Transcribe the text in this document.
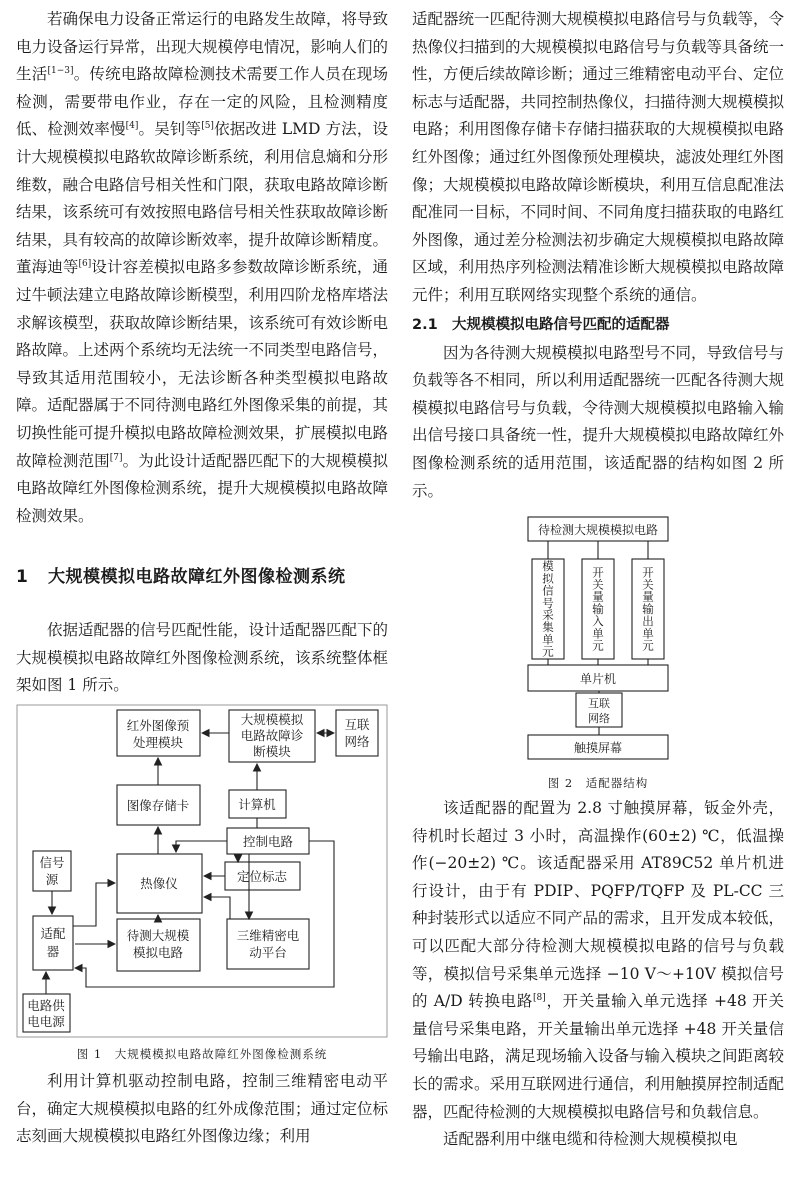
若确保电力设备正常运行的电路发生故障，将导致电力设备运行异常，出现大规模停电情况，影响人们的生活[1−3]。传统电路故障检测技术需要工作人员在现场检测，需要带电作业，存在一定的风险，且检测精度低、检测效率慢[4]。吴钊等[5]依据改进 LMD 方法，设计大规模模拟电路软故障诊断系统，利用信息熵和分形维数，融合电路信号相关性和门限，获取电路故障诊断结果，该系统可有效按照电路信号相关性获取故障诊断结果，具有较高的故障诊断效率，提升故障诊断精度。董海迪等[6]设计容差模拟电路多参数故障诊断系统，通过牛顿法建立电路故障诊断模型，利用四阶龙格库塔法求解该模型，获取故障诊断结果，该系统可有效诊断电路故障。上述两个系统均无法统一不同类型电路信号，导致其适用范围较小，无法诊断各种类型模拟电路故障。适配器属于不同待测电路红外图像采集的前提，其切换性能可提升模拟电路故障检测效果，扩展模拟电路故障检测范围[7]。为此设计适配器匹配下的大规模模拟电路故障红外图像检测系统，提升大规模模拟电路故障检测效果。

1 大规模模拟电路故障红外图像检测系统

依据适配器的信号匹配性能，设计适配器匹配下的大规模模拟电路故障红外图像检测系统，该系统整体框架如图 1 所示。

红外图像预
处理模块
大规模模拟
电路故障诊
断模块
互联
网络
图像存储卡	计算机
控制电路
信号
源	热像仪	定位标志
适配
器
待测大规模
模拟电路
三维精密电
动平台
电路供
电电源
图 1　大规模模拟电路故障红外图像检测系统

利用计算机驱动控制电路，控制三维精密电动平台，确定大规模模拟电路的红外成像范围；通过定位标志刻画大规模模拟电路红外图像边缘；利用

适配器统一匹配待测大规模模拟电路信号与负载等，令热像仪扫描到的大规模模拟电路信号与负载等具备统一性，方便后续故障诊断；通过三维精密电动平台、定位标志与适配器，共同控制热像仪，扫描待测大规模模拟电路；利用图像存储卡存储扫描获取的大规模模拟电路红外图像；通过红外图像预处理模块，滤波处理红外图像；大规模模拟电路故障诊断模块，利用互信息配准法配准同一目标，不同时间、不同角度扫描获取的电路红外图像，通过差分检测法初步确定大规模模拟电路故障区域，利用热序列检测法精准诊断大规模模拟电路故障元件；利用互联网络实现整个系统的通信。

2.1 大规模模拟电路信号匹配的适配器

因为各待测大规模模拟电路型号不同，导致信号与负载等各不相同，所以利用适配器统一匹配各待测大规模模拟电路信号与负载，令待测大规模模拟电路输入输出信号接口具备统一性，提升大规模模拟电路故障红外图像检测系统的适用范围，该适配器的结构如图 2 所示。

待检测大规模模拟电路
单片机
互联
网络
触摸屏幕
模
拟
信
号
采
集
单
元
开
关
量
输
入
单
元
开
关
量
输
出
单
元
图 2　适配器结构

该适配器的配置为 2.8 寸触摸屏幕，钣金外壳，待机时长超过 3 小时，高温操作(60±2) ℃，低温操作(−20±2) ℃。该适配器采用 AT89C52 单片机进行设计，由于有 PDIP、PQFP/TQFP 及 PL-CC 三种封装形式以适应不同产品的需求，且开发成本较低，可以匹配大部分待检测大规模模拟电路的信号与负载等，模拟信号采集单元选择 −10 V～+10V 模拟信号的 A/D 转换电路[8]，开关量输入单元选择 +48 开关量信号采集电路，开关量输出单元选择 +48 开关量信号输出电路，满足现场输入设备与输入模块之间距离较长的需求。采用互联网进行通信，利用触摸屏控制适配器，匹配待检测的大规模模拟电路信号和负载信息。

适配器利用中继电缆和待检测大规模模拟电
